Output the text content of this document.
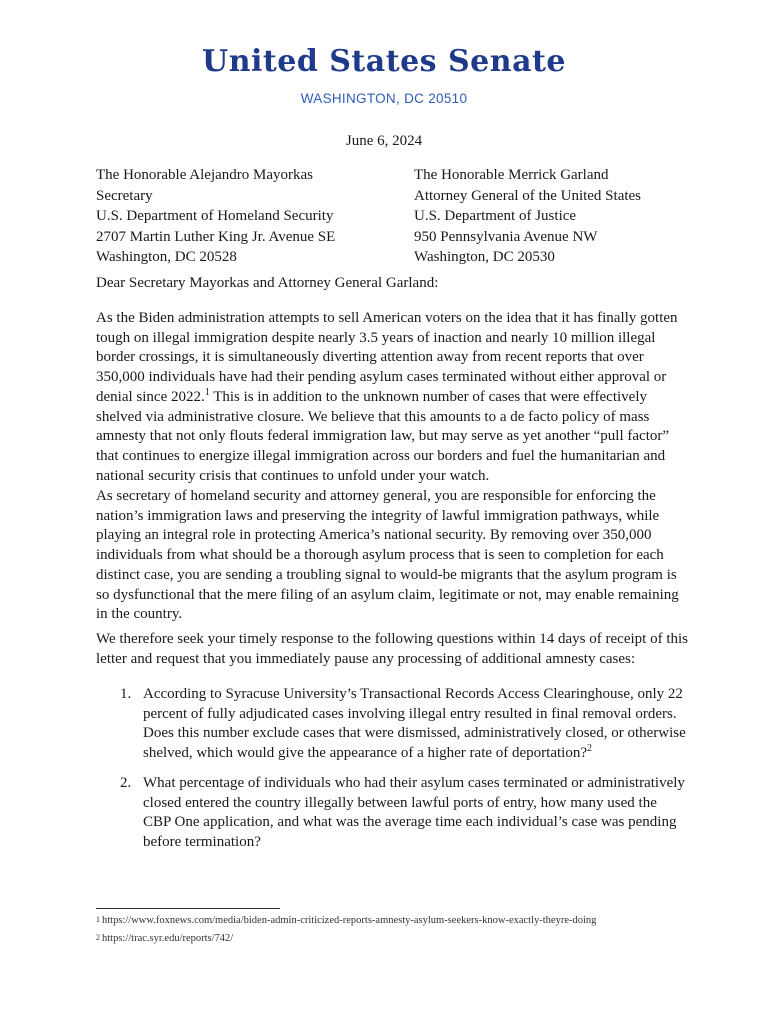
United States Senate
WASHINGTON, DC 20510
June 6, 2024
The Honorable Alejandro Mayorkas
Secretary
U.S. Department of Homeland Security
2707 Martin Luther King Jr. Avenue SE
Washington, DC 20528
The Honorable Merrick Garland
Attorney General of the United States
U.S. Department of Justice
950 Pennsylvania Avenue NW
Washington, DC 20530
Dear Secretary Mayorkas and Attorney General Garland:

As the Biden administration attempts to sell American voters on the idea that it has finally gotten tough on illegal immigration despite nearly 3.5 years of inaction and nearly 10 million illegal border crossings, it is simultaneously diverting attention away from recent reports that over 350,000 individuals have had their pending asylum cases terminated without either approval or denial since 2022.$^1$ This is in addition to the unknown number of cases that were effectively shelved via administrative closure. We believe that this amounts to a de facto policy of mass amnesty that not only flouts federal immigration law, but may serve as yet another “pull factor” that continues to energize illegal immigration across our borders and fuel the humanitarian and national security crisis that continues to unfold under your watch.

As secretary of homeland security and attorney general, you are responsible for enforcing the nation’s immigration laws and preserving the integrity of lawful immigration pathways, while playing an integral role in protecting America’s national security. By removing over 350,000 individuals from what should be a thorough asylum process that is seen to completion for each distinct case, you are sending a troubling signal to would-be migrants that the asylum program is so dysfunctional that the mere filing of an asylum claim, legitimate or not, may enable remaining in the country.

We therefore seek your timely response to the following questions within 14 days of receipt of this letter and request that you immediately pause any processing of additional amnesty cases:

1. According to Syracuse University’s Transactional Records Access Clearinghouse, only 22 percent of fully adjudicated cases involving illegal entry resulted in final removal orders. Does this number exclude cases that were dismissed, administratively closed, or otherwise shelved, which would give the appearance of a higher rate of deportation?$^2$
2. What percentage of individuals who had their asylum cases terminated or administratively closed entered the country illegally between lawful ports of entry, how many used the CBP One application, and what was the average time each individual’s case was pending before termination?
$^1$ https://www.foxnews.com/media/biden-admin-criticized-reports-amnesty-asylum-seekers-know-exactly-theyre-doing
$^2$ https://trac.syr.edu/reports/742/
